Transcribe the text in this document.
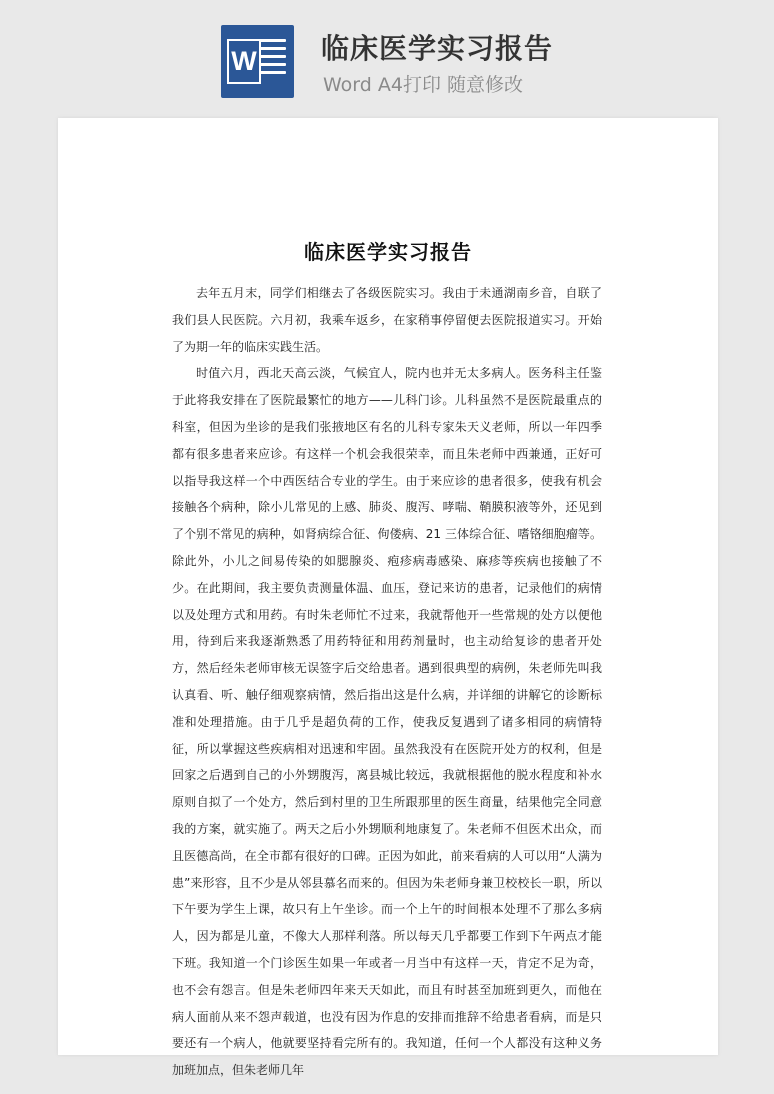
W 临床医学实习报告
Word A4打印 随意修改
临床医学实习报告

去年五月末，同学们相继去了各级医院实习。我由于未通湖南乡音，自联了我们县人民医院。六月初，我乘车返乡，在家稍事停留便去医院报道实习。开始了为期一年的临床实践生活。

时值六月，西北天高云淡，气候宜人，院内也并无太多病人。医务科主任鉴于此将我安排在了医院最繁忙的地方——儿科门诊。儿科虽然不是医院最重点的科室，但因为坐诊的是我们张掖地区有名的儿科专家朱天义老师，所以一年四季都有很多患者来应诊。有这样一个机会我很荣幸，而且朱老师中西兼通，正好可以指导我这样一个中西医结合专业的学生。由于来应诊的患者很多，使我有机会接触各个病种，除小儿常见的上感、肺炎、腹泻、哮喘、鞘膜积液等外，还见到了个别不常见的病种，如肾病综合征、佝偻病、21 三体综合征、嗜铬细胞瘤等。除此外，小儿之间易传染的如腮腺炎、疱疹病毒感染、麻疹等疾病也接触了不少。在此期间，我主要负责测量体温、血压，登记来访的患者，记录他们的病情以及处理方式和用药。有时朱老师忙不过来，我就帮他开一些常规的处方以便他用，待到后来我逐渐熟悉了用药特征和用药剂量时，也主动给复诊的患者开处方，然后经朱老师审核无误签字后交给患者。遇到很典型的病例，朱老师先叫我认真看、听、触仔细观察病情，然后指出这是什么病，并详细的讲解它的诊断标准和处理措施。由于几乎是超负荷的工作，使我反复遇到了诸多相同的病情特征，所以掌握这些疾病相对迅速和牢固。虽然我没有在医院开处方的权利，但是回家之后遇到自己的小外甥腹泻，离县城比较远，我就根据他的脱水程度和补水原则自拟了一个处方，然后到村里的卫生所跟那里的医生商量，结果他完全同意我的方案，就实施了。两天之后小外甥顺利地康复了。朱老师不但医术出众，而且医德高尚，在全市都有很好的口碑。正因为如此，前来看病的人可以用“人满为患”来形容，且不少是从邻县慕名而来的。但因为朱老师身兼卫校校长一职，所以下午要为学生上课，故只有上午坐诊。而一个上午的时间根本处理不了那么多病人，因为都是儿童，不像大人那样利落。所以每天几乎都要工作到下午两点才能下班。我知道一个门诊医生如果一年或者一月当中有这样一天，肯定不足为奇，也不会有怨言。但是朱老师四年来天天如此，而且有时甚至加班到更久，而他在病人面前从来不怨声载道，也没有因为作息的安排而推辞不给患者看病，而是只要还有一个病人，他就要坚持看完所有的。我知道，任何一个人都没有这种义务加班加点，但朱老师几年
